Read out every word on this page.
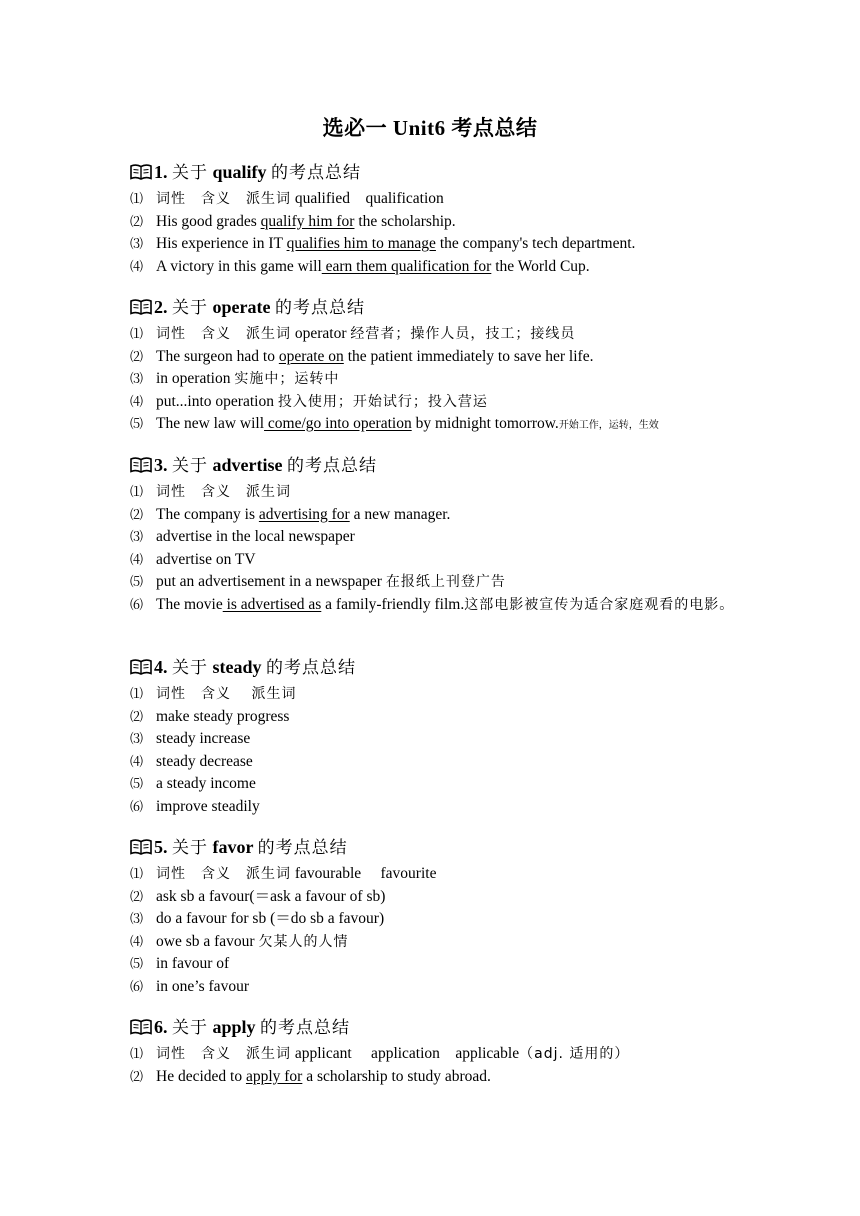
选必一 Unit6 考点总结
1. 关于 qualify 的考点总结
⑴ 词性　含义　派生词 qualified　qualification
⑵ His good grades qualify him for the scholarship.
⑶ His experience in IT qualifies him to manage the company's tech department.
⑷ A victory in this game will earn them qualification for the World Cup.
2. 关于 operate 的考点总结
⑴ 词性　含义　派生词 operator 经营者；操作人员，技工；接线员
⑵ The surgeon had to operate on the patient immediately to save her life.
⑶ in operation 实施中；运转中
⑷ put...into operation 投入使用；开始试行；投入营运
⑸ The new law will come/go into operation by midnight tomorrow.开始工作，运转，生效
3. 关于 advertise 的考点总结
⑴ 词性　含义　派生词
⑵ The company is advertising for a new manager.
⑶ advertise in the local newspaper
⑷ advertise on TV
⑸ put an advertisement in a newspaper 在报纸上刊登广告
⑹ The movie is advertised as a family-friendly film.这部电影被宣传为适合家庭观看的电影。
4. 关于 steady 的考点总结
⑴ 词性　含义　 派生词
⑵ make steady progress
⑶ steady increase
⑷ steady decrease
⑸ a steady income
⑹ improve steadily
5. 关于 favor 的考点总结
⑴ 词性　含义　派生词 favourable　 favourite
⑵ ask sb a favour(＝ask a favour of sb)
⑶ do a favour for sb (＝do sb a favour)
⑷ owe sb a favour 欠某人的人情
⑸ in favour of
⑹ in one’s favour
6. 关于 apply 的考点总结
⑴ 词性　含义　派生词 applicant　 application　applicable（adj. 适用的）
⑵ He decided to apply for a scholarship to study abroad.
